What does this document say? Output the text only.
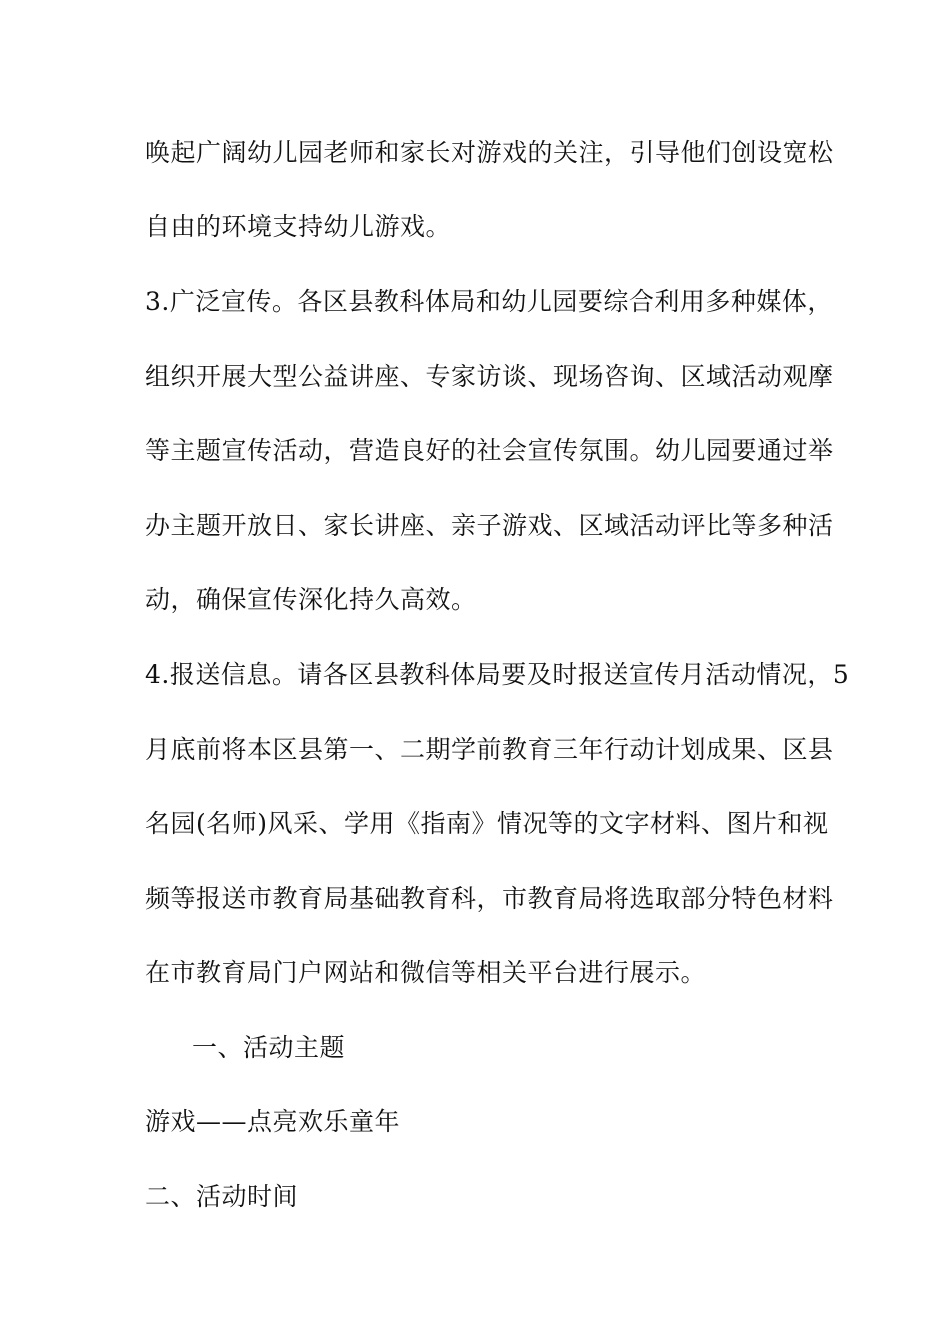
唤起广阔幼儿园老师和家长对游戏的关注，引导他们创设宽松
自由的环境支持幼儿游戏。
3.广泛宣传。各区县教科体局和幼儿园要综合利用多种媒体，
组织开展大型公益讲座、专家访谈、现场咨询、区域活动观摩
等主题宣传活动，营造良好的社会宣传氛围。幼儿园要通过举
办主题开放日、家长讲座、亲子游戏、区域活动评比等多种活
动，确保宣传深化持久高效。
4.报送信息。请各区县教科体局要及时报送宣传月活动情况，5
月底前将本区县第一、二期学前教育三年行动计划成果、区县
名园(名师)风采、学用《指南》情况等的文字材料、图片和视
频等报送市教育局基础教育科，市教育局将选取部分特色材料
在市教育局门户网站和微信等相关平台进行展示。
一、活动主题
游戏——点亮欢乐童年
二、活动时间
